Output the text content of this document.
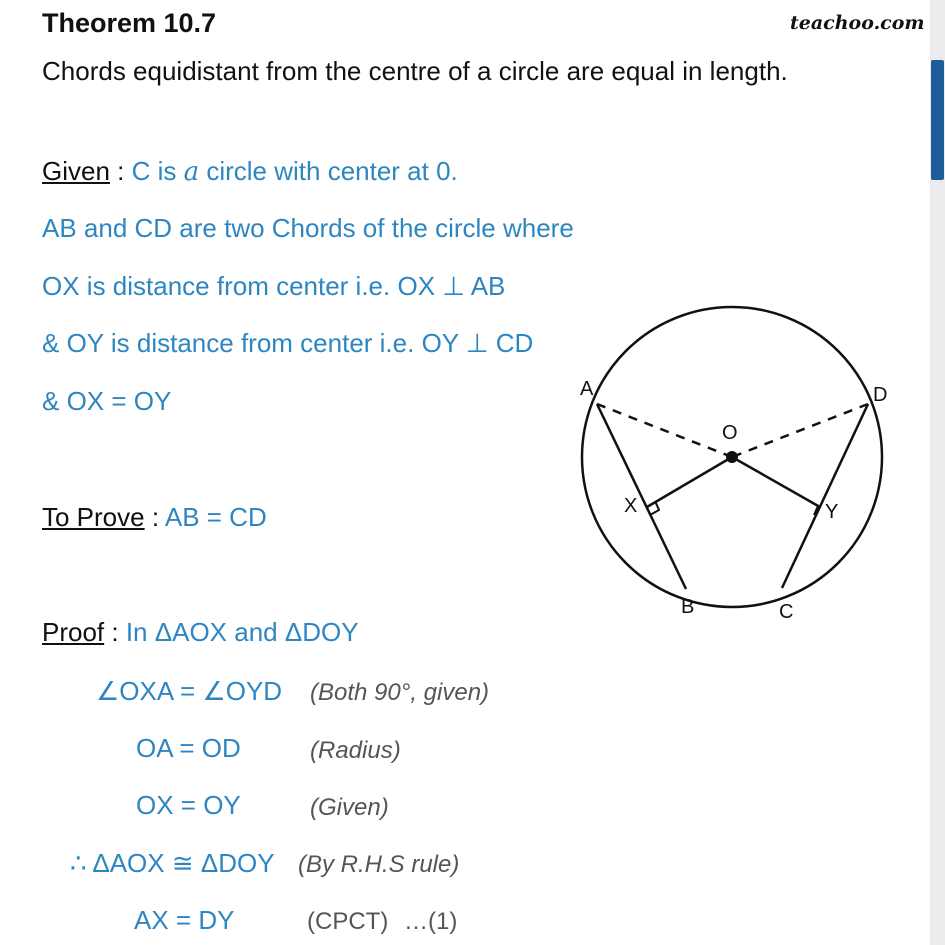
Theorem 10.7	teachoo.com
Chords equidistant from the centre of a circle are equal in length.
Given : C is a circle with center at 0.
AB and CD are two Chords of the circle where
OX is distance from center i.e. OX ⊥ AB
& OY is distance from center i.e. OY ⊥ CD
& OX = OY
To Prove : AB = CD
Proof : In ΔAOX and ΔDOY
∠OXA = ∠OYD (Both 90°, given)
OA = OD	(Radius)
OX = OY	(Given)
∴ ΔAOX ≅ ΔDOY (By R.H.S rule)
AX = DY	(CPCT) …(1)
A	D
O
X	Y
B	C
